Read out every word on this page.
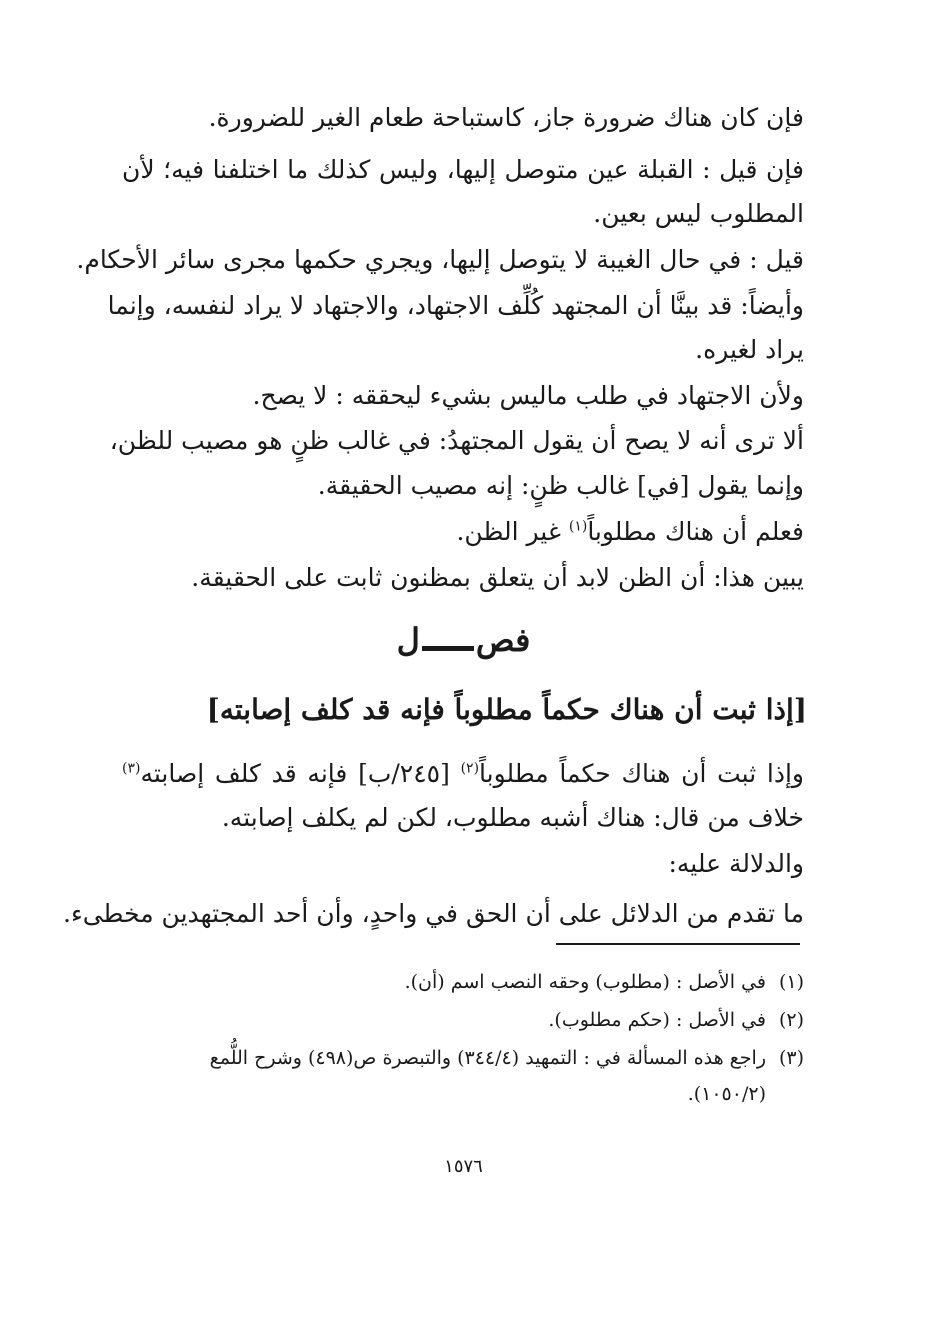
فإن كان هناك ضرورة جاز، كاستباحة طعام الغير للضرورة.
فإن قيل : القبلة عين متوصل إليها، وليس كذلك ما اختلفنا فيه؛ لأن
المطلوب ليس بعين.
قيل : في حال الغيبة لا يتوصل إليها، ويجري حكمها مجرى سائر الأحكام.
وأيضاً: قد بينَّا أن المجتهد كُلِّف الاجتهاد، والاجتهاد لا يراد لنفسه، وإنما
يراد لغيره.
ولأن الاجتهاد في طلب ماليس بشيء ليحققه : لا يصح.
ألا ترى أنه لا يصح أن يقول المجتهدُ: في غالب ظنٍ هو مصيب للظن،
وإنما يقول [في] غالب ظنٍ: إنه مصيب الحقيقة.
فعلم أن هناك مطلوباً$^{(١)}$ غير الظن.
يبين هذا: أن الظن لابد أن يتعلق بمظنون ثابت على الحقيقة.
فصل
[إذا ثبت أن هناك حكماً مطلوباً فإنه قد كلف إصابته]
وإذا ثبت أن هناك حكماً مطلوباً$^{(٢)}$ [٢٤٥/ب] فإنه قد كلف إصابته$^{(٣)}$
خلاف من قال: هناك أشبه مطلوب، لكن لم يكلف إصابته.
والدلالة عليه:
ما تقدم من الدلائل على أن الحق في واحدٍ، وأن أحد المجتهدين مخطىء.
(١)في الأصل : (مطلوب) وحقه النصب اسم (أن).
(٢)في الأصل : (حكم مطلوب).
(٣)راجع هذه المسألة في : التمهيد (٣٤٤/٤) والتبصرة ص(٤٩٨) وشرح اللُّمع
(١٠٥٠/٢).
١٥٧٦
